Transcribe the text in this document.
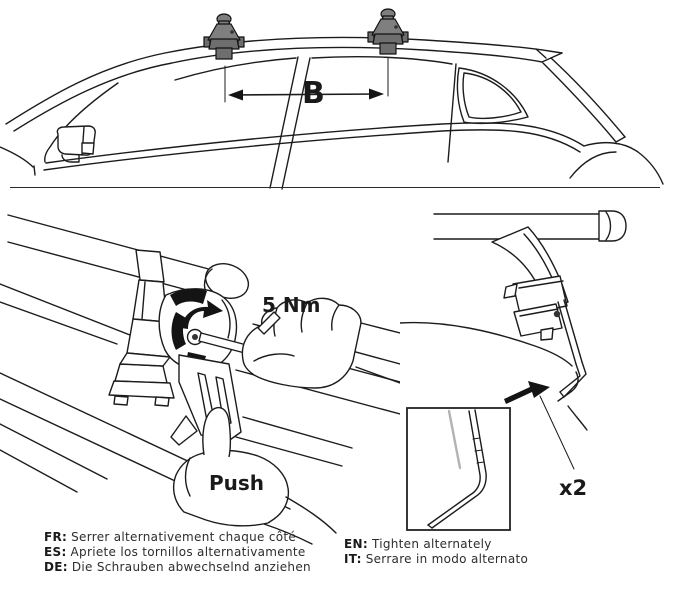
B
5 Nm
Push	x2
FR: Serrer alternativement chaque côté
ES: Apriete los tornillos alternativamente
DE: Die Schrauben abwechselnd anziehen
EN: Tighten alternately
IT: Serrare in modo alternato
